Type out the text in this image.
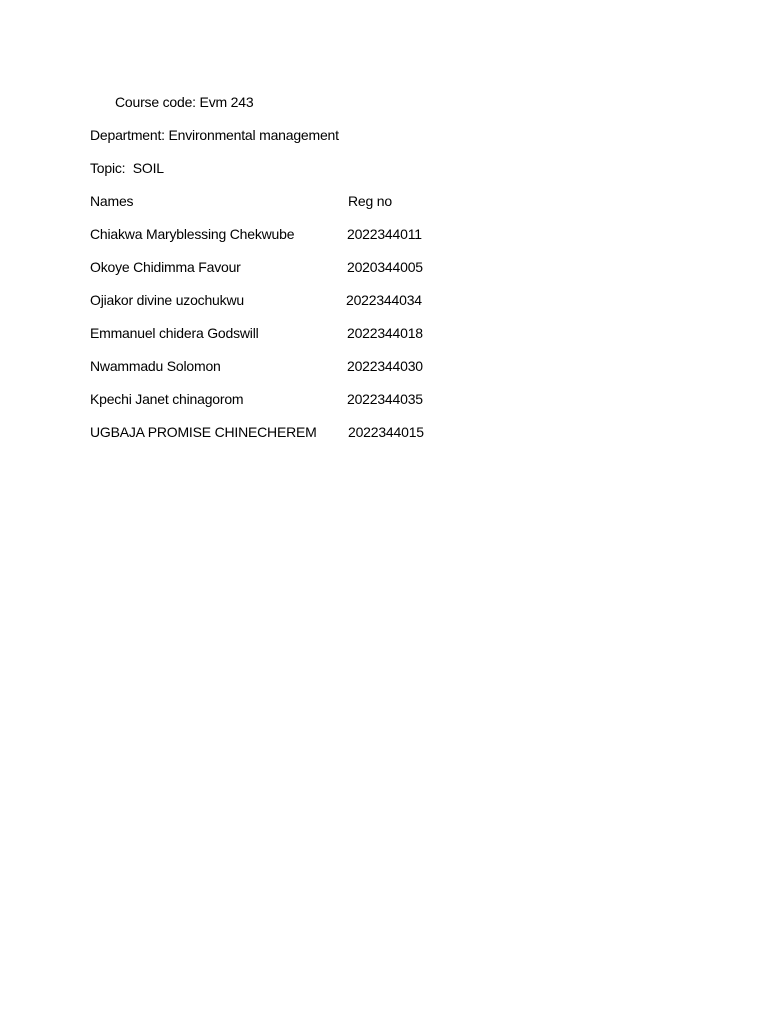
Course code: Evm 243
Department: Environmental management
Topic:  SOIL
Names	Reg no
Chiakwa Maryblessing Chekwube	2022344011
Okoye Chidimma Favour	2020344005
Ojiakor divine uzochukwu	2022344034
Emmanuel chidera Godswill	2022344018
Nwammadu Solomon	2022344030
Kpechi Janet chinagorom	2022344035
UGBAJA PROMISE CHINECHEREM 2022344015
